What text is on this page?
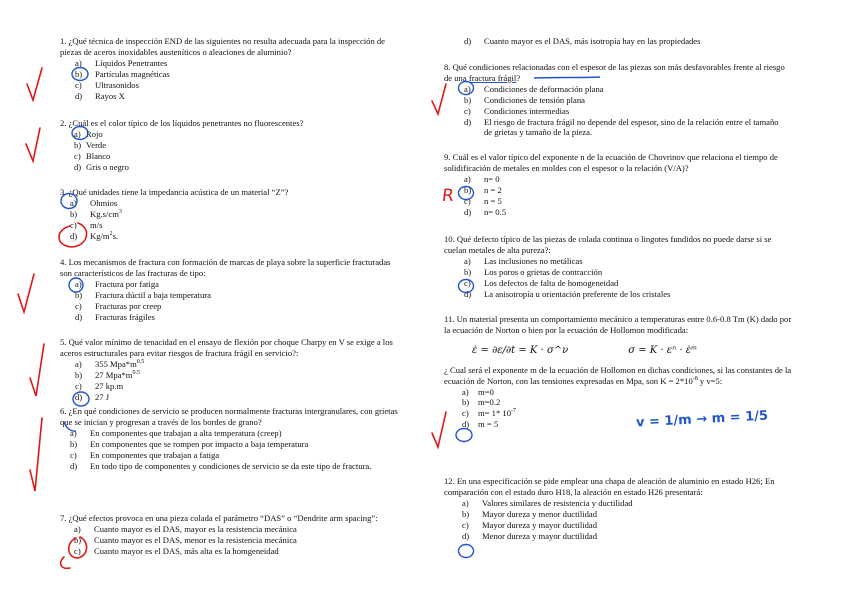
1. ¿Qué técnica de inspección END de las siguientes no resulta adecuada para la inspección de piezas de aceros inoxidables austeníticos o aleaciones de aluminio?

a)	Líquidos Penetrantes
b)	Partículas magnéticas
c)	Ultrasonidos
d)	Rayos X

2. ¿Cuál es el color típico de los líquidos penetrantes no fluorescentes?

a) Rojo
b) Verde
c) Blanco
d) Gris o negro

3. ¿Qué unidades tiene la impedancia acústica de un material “Z”?

a)	Ohmios
b)	$Kg.s/cm^3$
c)	m/s
d)	$Kg/m^2s$.

4. Los mecanismos de fractura con formación de marcas de playa sobre la superficie fracturadas son característicos de las fracturas de tipo:

a)	Fractura por fatiga
b)	Fractura dúctil a baja temperatura
c)	Fracturas por creep
d)	Fracturas frágiles

5. Qué valor mínimo de tenacidad en el ensayo de flexión por choque Charpy en V se exige a los aceros estructurales para evitar riesgos de fractura frágil en servicio?:

a)	355 $Mpa*m^{0.5}$
b)	27 $Mpa*m^{0.5}$
c)	27 kp.m
d)	27 J

6. ¿En qué condiciones de servicio se producen normalmente fracturas intergranulares, con grietas que se inician y progresan a través de los bordes de grano?

a)	En componentes que trabajan a alta temperatura (creep)
b)	En componentes que se rompen por impacto a baja temperatura
c)	En componentes que trabajan a fatiga
d)	En todo tipo de componentes y condiciones de servicio se da este tipo de fractura.

7. ¿Qué efectos provoca en una pieza colada el parámetro “DAS” o “Dendrite arm spacing”:

a)	Cuanto mayor es el DAS, mayor es la resistencia mecánica
b)	Cuanto mayor es el DAS, menor es la resistencia mecánica
c)	Cuanto mayor es el DAS, más alta es la homgeneidad
d)	Cuanto mayor es el DAS, más isotropía hay en las propiedades

8. Qué condiciones relacionadas con el espesor de las piezas son más desfavorables frente al riesgo de una fractura frágil?

a)	Condiciones de deformación plana
b)	Condiciones de tensión plana
c)	Condiciones intermedias
d)	El riesgo de fractura frágil no depende del espesor, sino de la relación entre el tamaño de grietas y tamaño de la pieza.

9. Cuál es el valor típico del exponente n de la ecuación de Chovrinov que relaciona el tiempo de solidificación de metales en moldes con el espesor o la relación (V/A)?

a)	n= 0
b)	n = 2
c)	n = 5
d)	n= 0.5

10. Qué defecto típico de las piezas de colada continua o lingotes fundidos no puede darse si se cuelan metales de alta pureza?:

a)	Las inclusiones no metálicas
b)	Los poros o grietas de contracción
c)	Los defectos de falta de homogeneidad
d)	La anisotropía u orientación preferente de los cristales

11. Un material presenta un comportamiento mecánico a temperaturas entre 0.6-0.8 Tm (K) dado por la ecuación de Norton o bien por la ecuación de Hollomon modificada:

ε̇ = ∂ε/∂t = K · σ^ν	σ = K · εⁿ · ε̇ᵐ

¿ Cual será el exponente m de la ecuación de Hollomon en dichas condiciones, si las constantes de la ecuación de Norton, con las tensiones expresadas en Mpa, son $K = 2*10^{-8}$ y v=5:

a)	m=0
b)	m=0.2
c)	m= 1* $10^{-7}$
d)	m = 5

12. En una especificación se pide emplear una chapa de aleación de aluminio en estado H26; En comparación con el estado duro H18, la aleación en estado H26 presentará:

a)	Valores similares de resistencia y ductilidad
b)	Mayor dureza y menor ductilidad
c)	Mayor dureza y mayor ductilidad
d)	Menor dureza y mayor ductilidad
R
v = 1/m → m = 1/5
